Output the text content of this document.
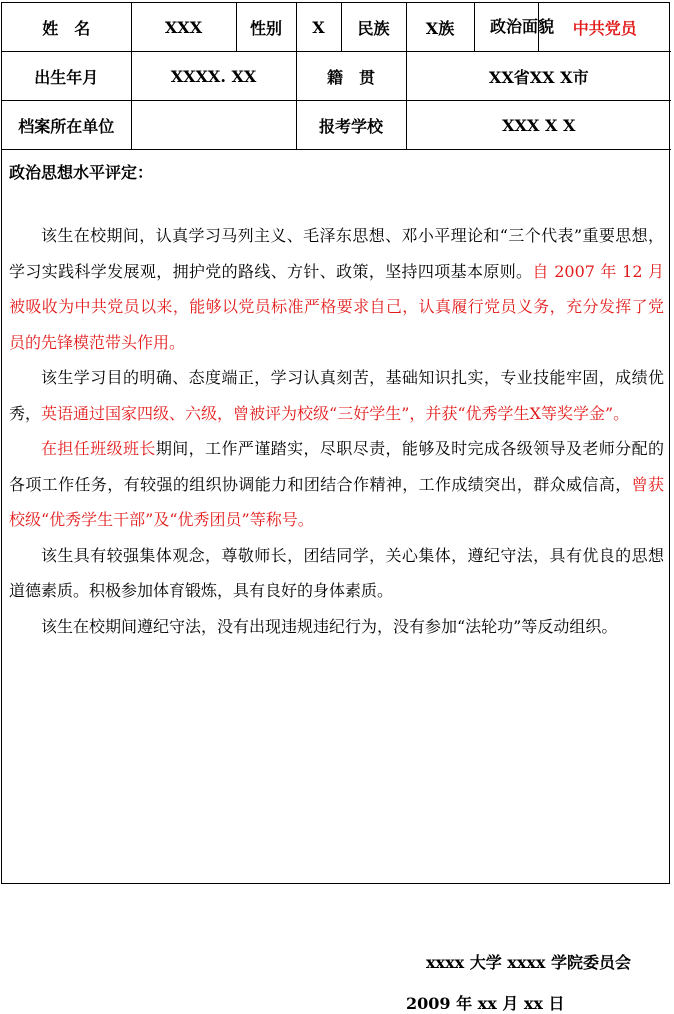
姓　名	XXX	性别	X	民族	X族	政治面貌	中共党员
出生年月	XXXX. XX		籍　贯		XX省XX X市		
档案所在单位			报考学校		XXX X X		

政治思想水平评定：

该生在校期间，认真学习马列主义、毛泽东思想、邓小平理论和“三个代表”重要思想，学习实践科学发展观，拥护党的路线、方针、政策，坚持四项基本原则。自 2007 年 12 月被吸收为中共党员以来，能够以党员标准严格要求自己，认真履行党员义务，充分发挥了党员的先锋模范带头作用。

该生学习目的明确、态度端正，学习认真刻苦，基础知识扎实，专业技能牢固，成绩优秀，英语通过国家四级、六级，曾被评为校级“三好学生”，并获“优秀学生X等奖学金”。

在担任班级班长期间，工作严谨踏实，尽职尽责，能够及时完成各级领导及老师分配的各项工作任务，有较强的组织协调能力和团结合作精神，工作成绩突出，群众威信高，曾获校级“优秀学生干部”及“优秀团员”等称号。

该生具有较强集体观念，尊敬师长，团结同学，关心集体，遵纪守法，具有优良的思想道德素质。积极参加体育锻炼，具有良好的身体素质。

该生在校期间遵纪守法，没有出现违规违纪行为，没有参加“法轮功”等反动组织。

xxxx 大学 xxxx 学院委员会
2009 年 xx 月 xx 日
